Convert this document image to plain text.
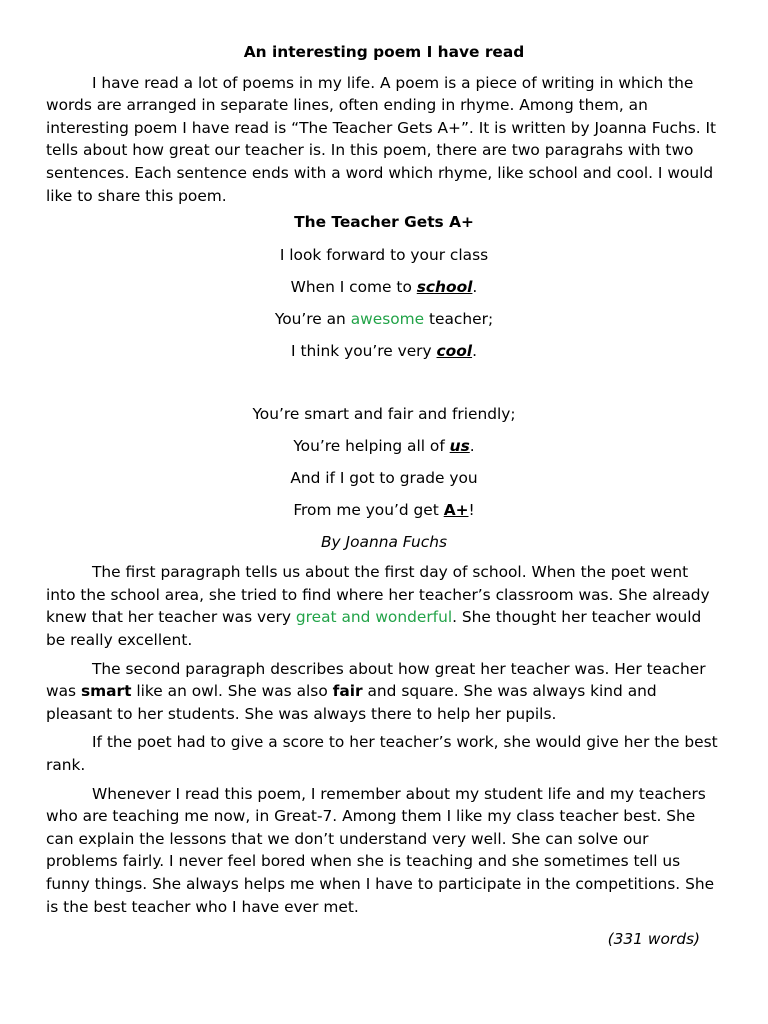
An interesting poem I have read

I have read a lot of poems in my life. A poem is a piece of writing in which the words are arranged in separate lines, often ending in rhyme. Among them, an interesting poem I have read is “The Teacher Gets A+”. It is written by Joanna Fuchs. It tells about how great our teacher is. In this poem, there are two paragrahs with two sentences. Each sentence ends with a word which rhyme, like school and cool. I would like to share this poem.

The Teacher Gets A+

I look forward to your class

When I come to school.

You’re an awesome teacher;

I think you’re very cool.

You’re smart and fair and friendly;

You’re helping all of us.

And if I got to grade you

From me you’d get A+!

By Joanna Fuchs

The first paragraph tells us about the first day of school. When the poet went into the school area, she tried to find where her teacher’s classroom was. She already knew that her teacher was very great and wonderful. She thought her teacher would be really excellent.

The second paragraph describes about how great her teacher was. Her teacher was smart like an owl. She was also fair and square. She was always kind and pleasant to her students. She was always there to help her pupils.

If the poet had to give a score to her teacher’s work, she would give her the best rank.

Whenever I read this poem, I remember about my student life and my teachers who are teaching me now, in Great-7. Among them I like my class teacher best. She can explain the lessons that we don’t understand very well. She can solve our problems fairly. I never feel bored when she is teaching and she sometimes tell us funny things. She always helps me when I have to participate in the competitions. She is the best teacher who I have ever met.

(331 words)
